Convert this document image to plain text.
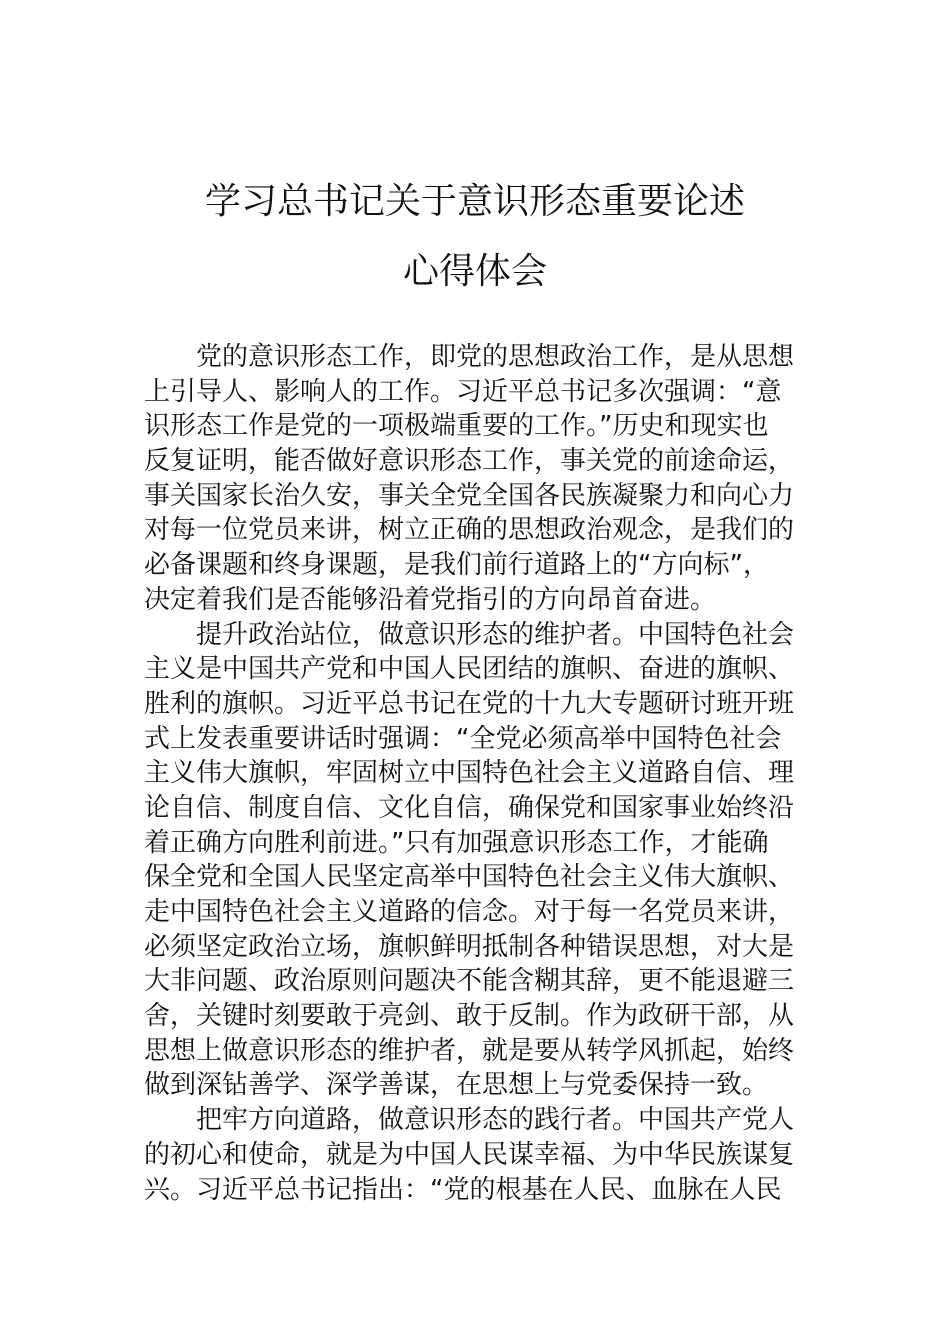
学习总书记关于意识形态重要论述
心得体会
党的意识形态工作，即党的思想政治工作，是从思想
上引导人、影响人的工作。习近平总书记多次强调：“意
识形态工作是党的一项极端重要的工作。”历史和现实也
反复证明，能否做好意识形态工作，事关党的前途命运，
事关国家长治久安，事关全党全国各民族凝聚力和向心力
对每一位党员来讲，树立正确的思想政治观念，是我们的
必备课题和终身课题，是我们前行道路上的“方向标”，
决定着我们是否能够沿着党指引的方向昂首奋进。
提升政治站位，做意识形态的维护者。中国特色社会
主义是中国共产党和中国人民团结的旗帜、奋进的旗帜、
胜利的旗帜。习近平总书记在党的十九大专题研讨班开班
式上发表重要讲话时强调：“全党必须高举中国特色社会
主义伟大旗帜，牢固树立中国特色社会主义道路自信、理
论自信、制度自信、文化自信，确保党和国家事业始终沿
着正确方向胜利前进。”只有加强意识形态工作，才能确
保全党和全国人民坚定高举中国特色社会主义伟大旗帜、
走中国特色社会主义道路的信念。对于每一名党员来讲，
必须坚定政治立场，旗帜鲜明抵制各种错误思想，对大是
大非问题、政治原则问题决不能含糊其辞，更不能退避三
舍，关键时刻要敢于亮剑、敢于反制。作为政研干部，从
思想上做意识形态的维护者，就是要从转学风抓起，始终
做到深钻善学、深学善谋，在思想上与党委保持一致。
把牢方向道路，做意识形态的践行者。中国共产党人
的初心和使命，就是为中国人民谋幸福、为中华民族谋复
兴。习近平总书记指出：“党的根基在人民、血脉在人民
